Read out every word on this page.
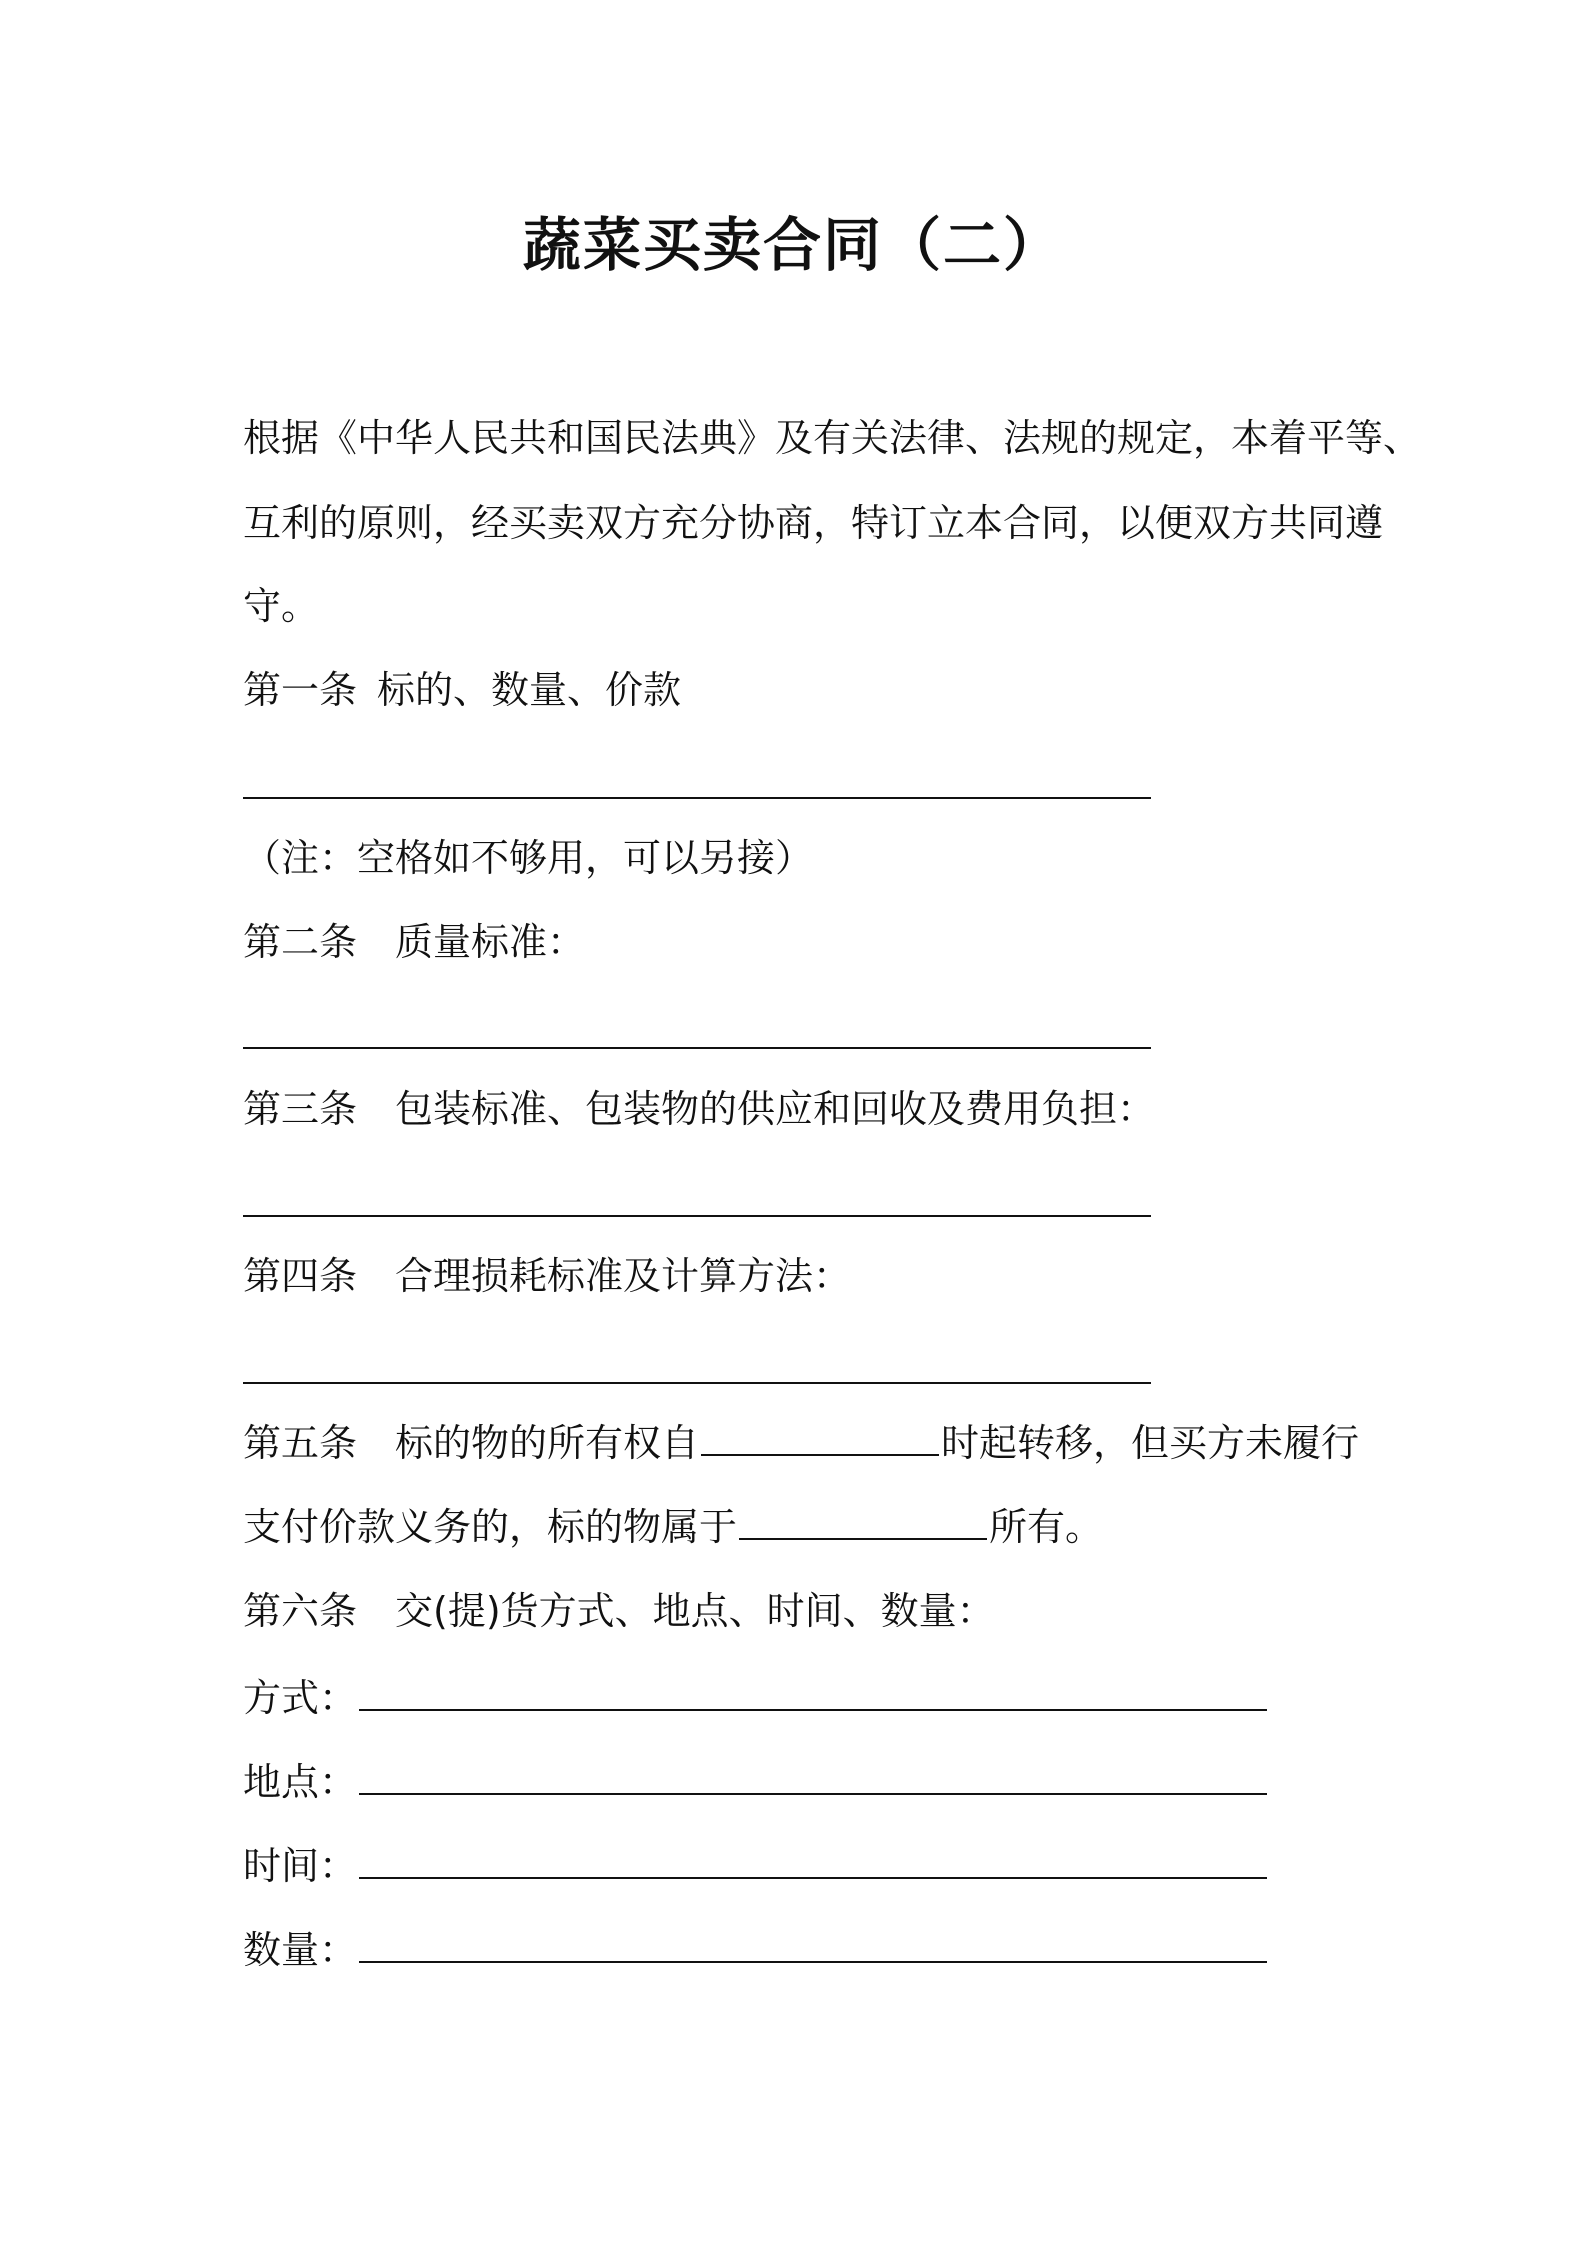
蔬菜买卖合同（二）
根据《中华人民共和国民法典》及有关法律、法规的规定，本着平等、
互利的原则，经买卖双方充分协商，特订立本合同，以便双方共同遵
守。
第一条 标的、数量、价款
（注：空格如不够用，可以另接）
第二条 质量标准：
第三条 包装标准、包装物的供应和回收及费用负担：
第四条 合理损耗标准及计算方法：
第五条 标的物的所有权自	时起转移，但买方未履行
支付价款义务的，标的物属于	所有。
第六条 交(提)货方式、地点、时间、数量：
方式：
地点：
时间：
数量：
